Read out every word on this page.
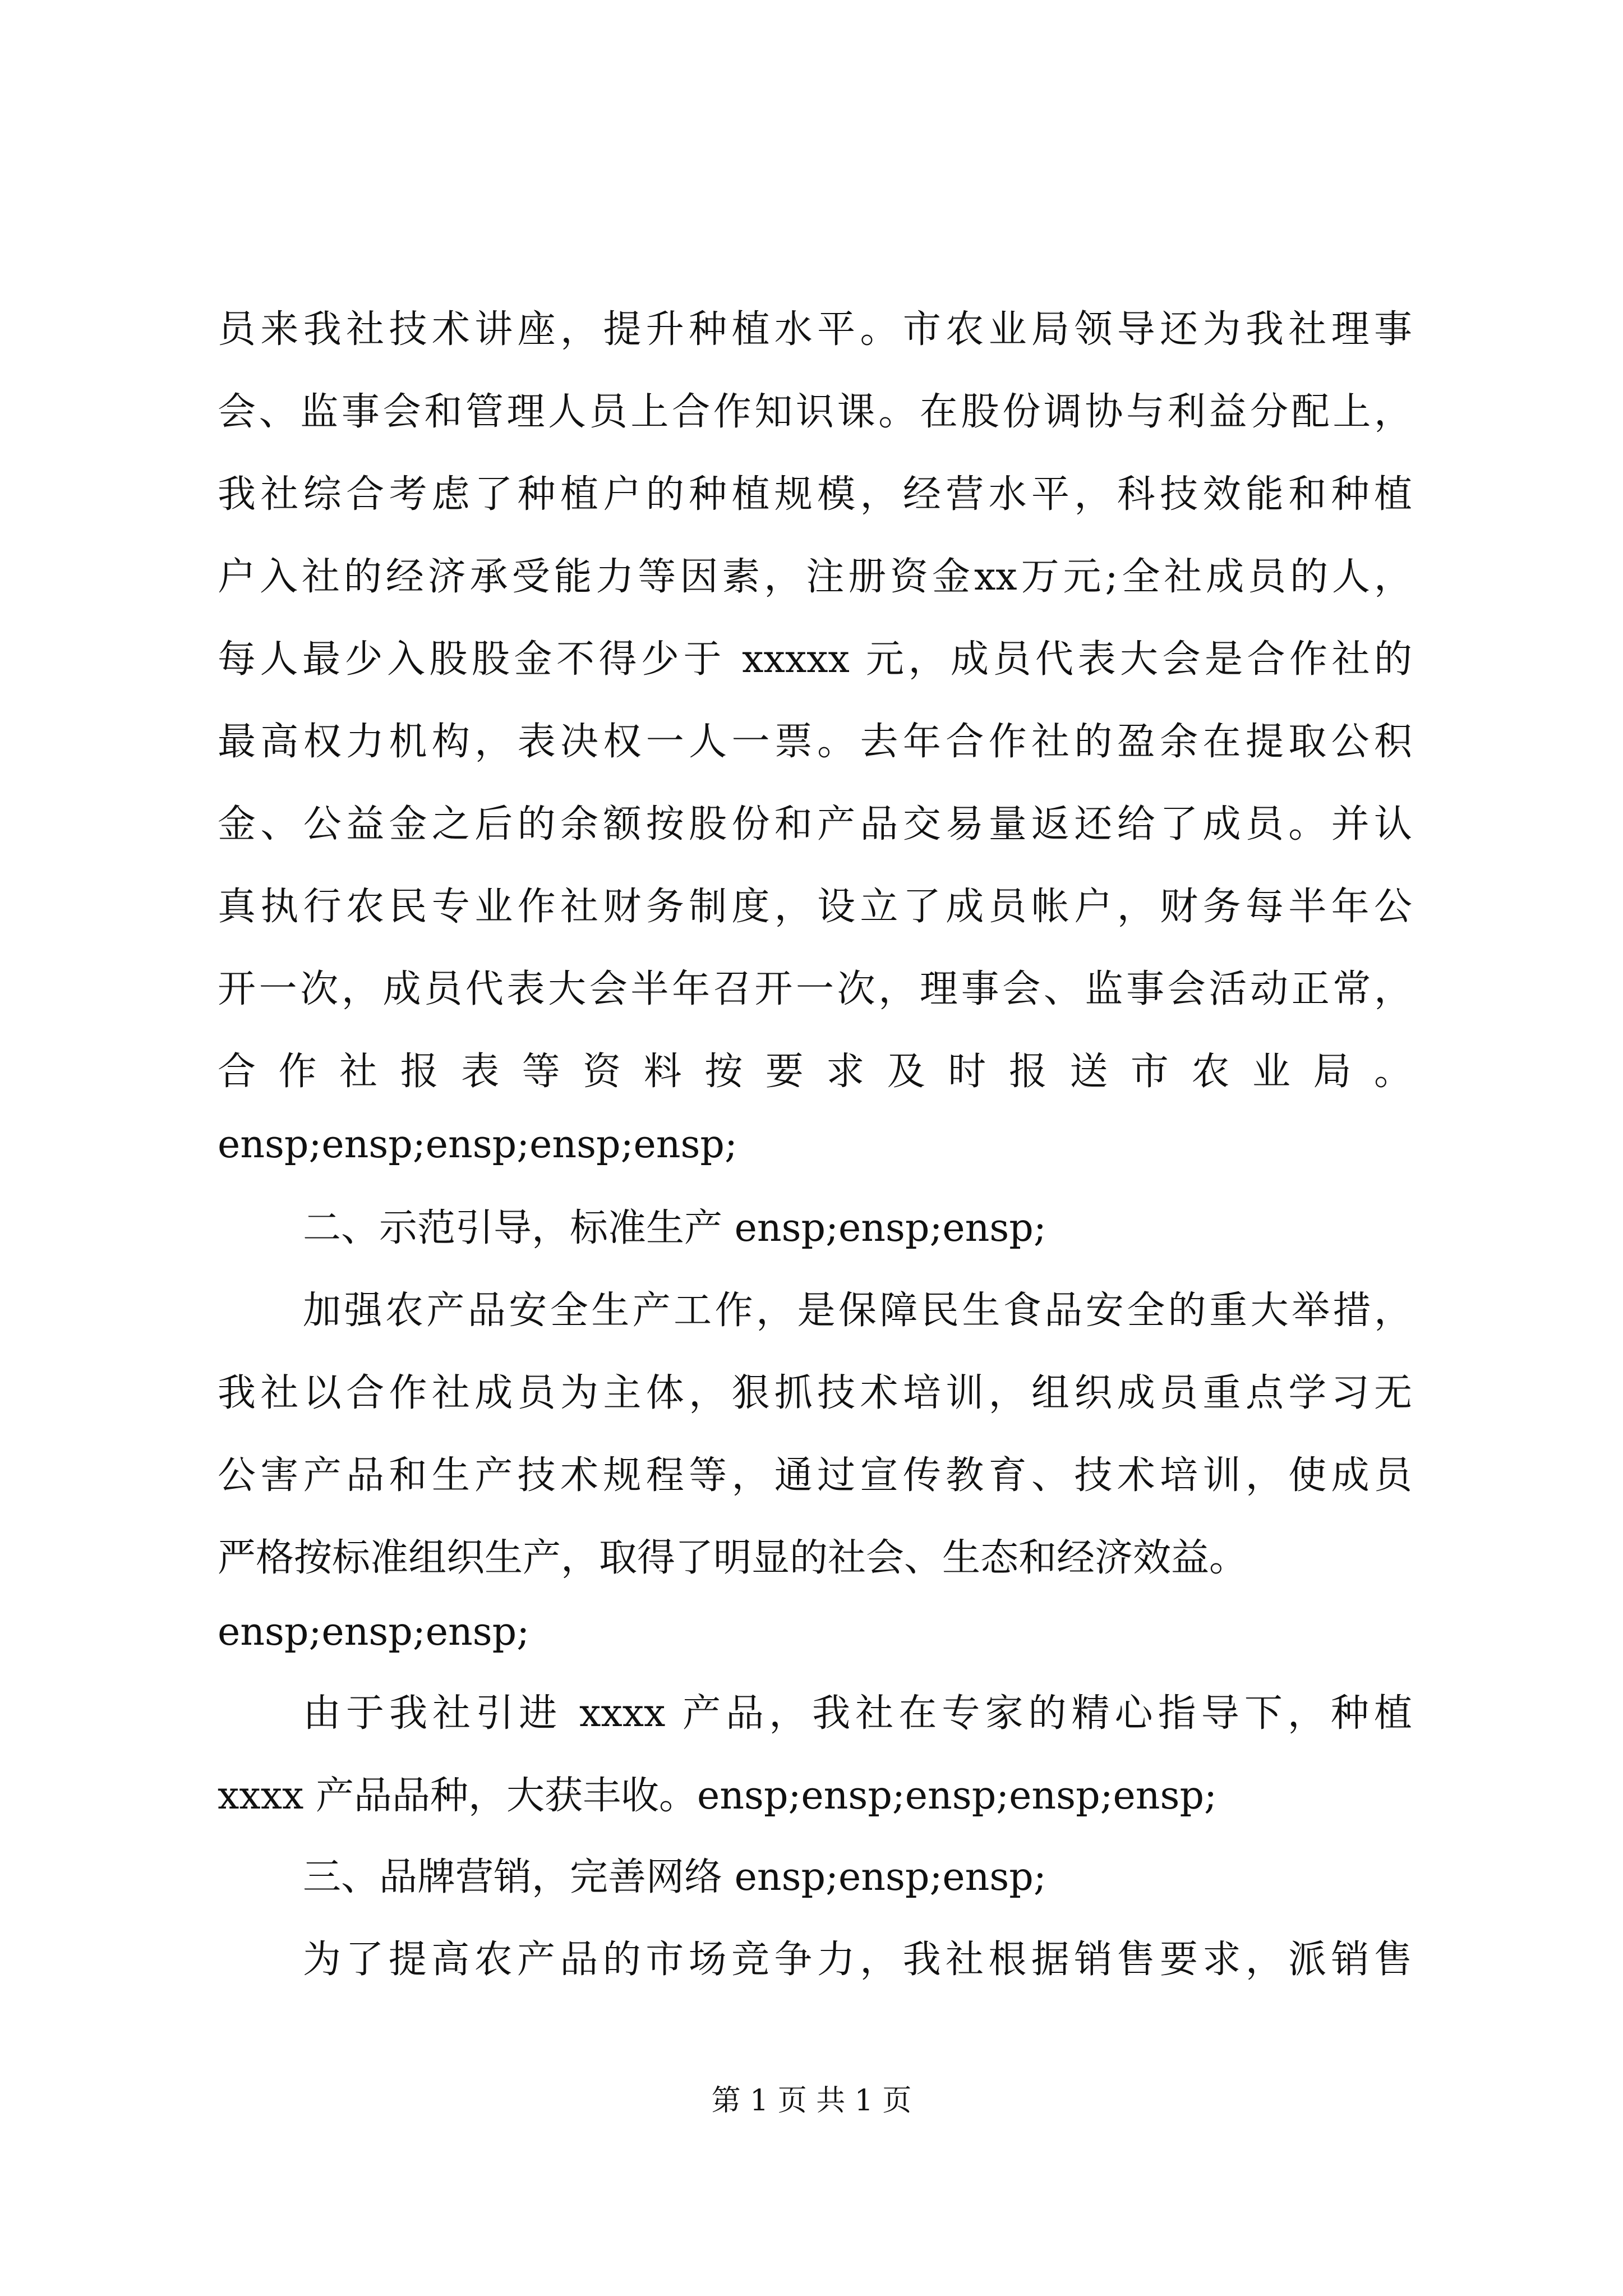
员来我社技术讲座，提升种植水平。市农业局领导还为我社理事

会、监事会和管理人员上合作知识课。在股份调协与利益分配上，

我社综合考虑了种植户的种植规模，经营水平，科技效能和种植

户入社的经济承受能力等因素，注册资金xx万元;全社成员的人，

每人最少入股股金不得少于 xxxxx 元，成员代表大会是合作社的

最高权力机构，表决权一人一票。去年合作社的盈余在提取公积

金、公益金之后的余额按股份和产品交易量返还给了成员。并认

真执行农民专业作社财务制度，设立了成员帐户，财务每半年公

开一次，成员代表大会半年召开一次，理事会、监事会活动正常，

合作社报表等资料按要求及时报送市农业局。

ensp;ensp;ensp;ensp;ensp;

二、示范引导，标准生产 ensp;ensp;ensp;

加强农产品安全生产工作，是保障民生食品安全的重大举措，

我社以合作社成员为主体，狠抓技术培训，组织成员重点学习无

公害产品和生产技术规程等，通过宣传教育、技术培训，使成员

严格按标准组织生产，取得了明显的社会、生态和经济效益。

ensp;ensp;ensp;

由于我社引进 xxxx 产品，我社在专家的精心指导下，种植

xxxx 产品品种，大获丰收。ensp;ensp;ensp;ensp;ensp;

三、品牌营销，完善网络 ensp;ensp;ensp;

为了提高农产品的市场竞争力，我社根据销售要求，派销售

第 1 页 共 1 页
